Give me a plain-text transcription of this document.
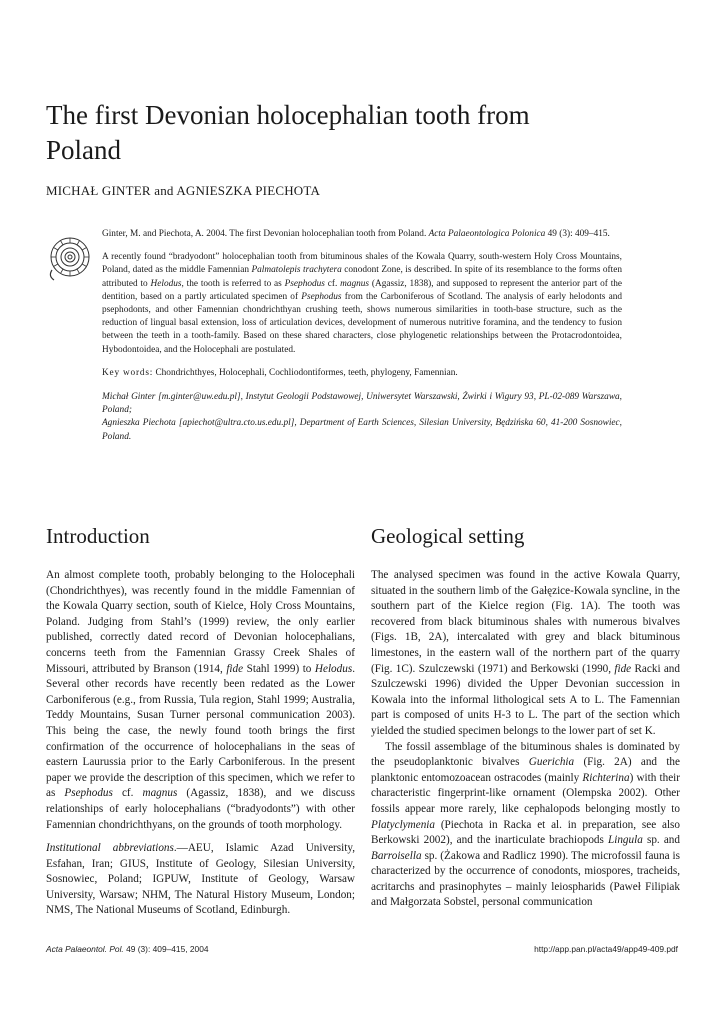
The first Devonian holocephalian tooth from Poland
MICHAŁ GINTER and AGNIESZKA PIECHOTA

Ginter, M. and Piechota, A. 2004. The first Devonian holocephalian tooth from Poland. Acta Palaeontologica Polonica 49 (3): 409–415.

A recently found “bradyodont” holocephalian tooth from bituminous shales of the Kowala Quarry, south-western Holy Cross Mountains, Poland, dated as the middle Famennian Palmatolepis trachytera conodont Zone, is described. In spite of its resemblance to the forms often attributed to Helodus, the tooth is referred to as Psephodus cf. magnus (Agassiz, 1838), and supposed to represent the anterior part of the dentition, based on a partly articulated specimen of Psephodus from the Carboniferous of Scotland. The analysis of early helodonts and psephodonts, and other Famennian chondrichthyan crushing teeth, shows numerous similarities in tooth-base structure, such as the reduction of lingual basal extension, loss of articulation devices, development of numerous nutritive foramina, and the tendency to fusion between the teeth in a tooth-family. Based on these shared characters, close phylogenetic relationships between the Protacrodontoidea, Hybodontoidea, and the Holocephali are postulated.

Key words: Chondrichthyes, Holocephali, Cochliodontiformes, teeth, phylogeny, Famennian.

Michał Ginter [m.ginter@uw.edu.pl], Instytut Geologii Podstawowej, Uniwersytet Warszawski, Żwirki i Wigury 93, PL-02-089 Warszawa, Poland;

Agnieszka Piechota [apiechot@ultra.cto.us.edu.pl], Department of Earth Sciences, Silesian University, Będzińska 60, 41-200 Sosnowiec, Poland.

Introduction

An almost complete tooth, probably belonging to the Holocephali (Chondrichthyes), was recently found in the middle Famennian of the Kowala Quarry section, south of Kielce, Holy Cross Mountains, Poland. Judging from Stahl’s (1999) review, the only earlier published, correctly dated record of Devonian holocephalians, concerns teeth from the Famennian Grassy Creek Shales of Missouri, attributed by Branson (1914, fide Stahl 1999) to Helodus. Several other records have recently been redated as the Lower Carboniferous (e.g., from Russia, Tula region, Stahl 1999; Australia, Teddy Mountains, Susan Turner personal communication 2003). This being the case, the newly found tooth brings the first confirmation of the occurrence of holocephalians in the seas of eastern Laurussia prior to the Early Carboniferous. In the present paper we provide the description of this specimen, which we refer to as Psephodus cf. magnus (Agassiz, 1838), and we discuss relationships of early holocephalians (“bradyodonts”) with other Famennian chondrichthyans, on the grounds of tooth morphology.

Institutional abbreviations.—AEU, Islamic Azad University, Esfahan, Iran; GIUS, Institute of Geology, Silesian University, Sosnowiec, Poland; IGPUW, Institute of Geology, Warsaw University, Warsaw; NHM, The Natural History Museum, London; NMS, The National Museums of Scotland, Edinburgh.

Geological setting

The analysed specimen was found in the active Kowala Quarry, situated in the southern limb of the Gałęzice-Kowala syncline, in the southern part of the Kielce region (Fig. 1A). The tooth was recovered from black bituminous shales with numerous bivalves (Figs. 1B, 2A), intercalated with grey and black bituminous limestones, in the eastern wall of the northern part of the quarry (Fig. 1C). Szulczewski (1971) and Berkowski (1990, fide Racki and Szulczewski 1996) divided the Upper Devonian succession in Kowala into the informal lithological sets A to L. The Famennian part is composed of units H-3 to L. The part of the section which yielded the studied specimen belongs to the lower part of set K.

The fossil assemblage of the bituminous shales is dominated by the pseudoplanktonic bivalves Guerichia (Fig. 2A) and the planktonic entomozoacean ostracodes (mainly Richterina) with their characteristic fingerprint-like ornament (Olempska 2002). Other fossils appear more rarely, like cephalopods belonging mostly to Platyclymenia (Piechota in Racka et al. in preparation, see also Berkowski 2002), and the inarticulate brachiopods Lingula sp. and Barroisella sp. (Żakowa and Radlicz 1990). The microfossil fauna is characterized by the occurrence of conodonts, miospores, tracheids, acritarchs and prasinophytes – mainly leiospharids (Paweł Filipiak and Małgorzata Sobstel, personal communication

Acta Palaeontol. Pol. 49 (3): 409–415, 2004	http://app.pan.pl/acta49/app49-409.pdf
